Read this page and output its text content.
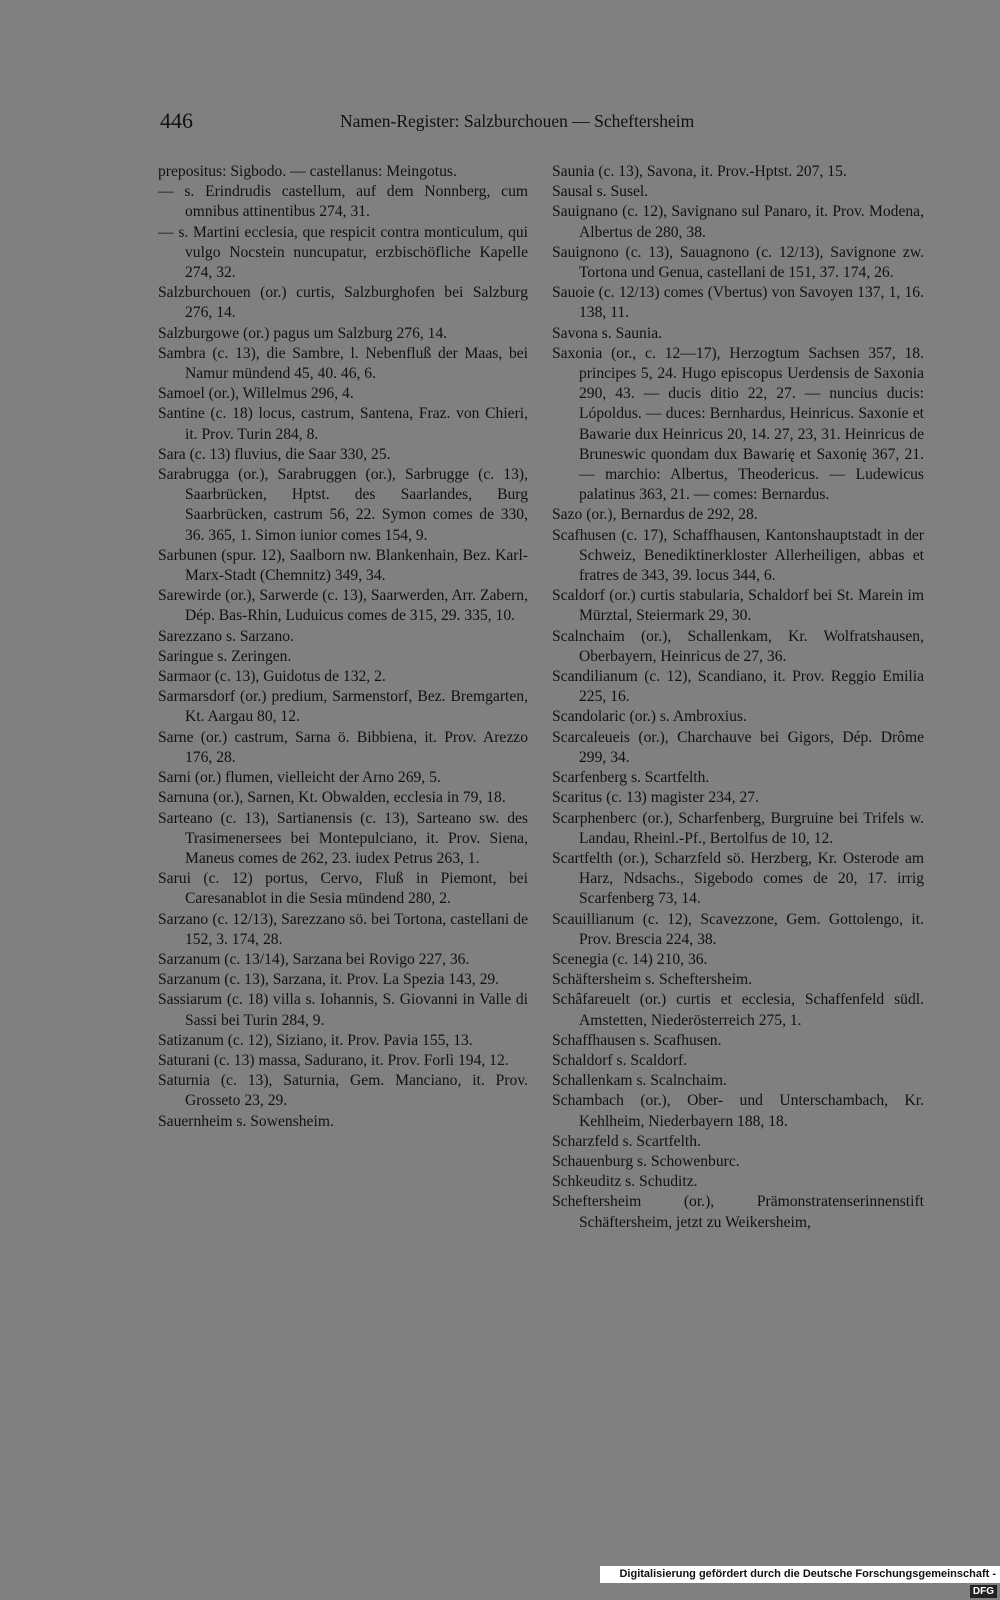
446	Namen-Register: Salzburchouen — Scheftersheim

prepositus: Sigbodo. — castellanus: Meingotus.

— s. Erindrudis castellum, auf dem Nonnberg, cum omnibus attinentibus 274, 31.

— s. Martini ecclesia, que respicit contra monticulum, qui vulgo Nocstein nuncupatur, erzbischöfliche Kapelle 274, 32.

Salzburchouen (or.) curtis, Salzburghofen bei Salzburg 276, 14.

Salzburgowe (or.) pagus um Salzburg 276, 14.

Sambra (c. 13), die Sambre, l. Nebenfluß der Maas, bei Namur mündend 45, 40. 46, 6.

Samoel (or.), Willelmus 296, 4.

Santine (c. 18) locus, castrum, Santena, Fraz. von Chieri, it. Prov. Turin 284, 8.

Sara (c. 13) fluvius, die Saar 330, 25.

Sarabrugga (or.), Sarabruggen (or.), Sarbrugge (c. 13), Saarbrücken, Hptst. des Saarlandes, Burg Saarbrücken, castrum 56, 22. Symon comes de 330, 36. 365, 1. Simon iunior comes 154, 9.

Sarbunen (spur. 12), Saalborn nw. Blankenhain, Bez. Karl-Marx-Stadt (Chemnitz) 349, 34.

Sarewirde (or.), Sarwerde (c. 13), Saarwerden, Arr. Zabern, Dép. Bas-Rhin, Luduicus comes de 315, 29. 335, 10.

Sarezzano s. Sarzano.

Saringue s. Zeringen.

Sarmaor (c. 13), Guidotus de 132, 2.

Sarmarsdorf (or.) predium, Sarmenstorf, Bez. Bremgarten, Kt. Aargau 80, 12.

Sarne (or.) castrum, Sarna ö. Bibbiena, it. Prov. Arezzo 176, 28.

Sarni (or.) flumen, vielleicht der Arno 269, 5.

Sarnuna (or.), Sarnen, Kt. Obwalden, ecclesia in 79, 18.

Sarteano (c. 13), Sartianensis (c. 13), Sarteano sw. des Trasimenersees bei Montepulciano, it. Prov. Siena, Maneus comes de 262, 23. iudex Petrus 263, 1.

Sarui (c. 12) portus, Cervo, Fluß in Piemont, bei Caresanablot in die Sesia mündend 280, 2.

Sarzano (c. 12/13), Sarezzano sö. bei Tortona, castellani de 152, 3. 174, 28.

Sarzanum (c. 13/14), Sarzana bei Rovigo 227, 36.

Sarzanum (c. 13), Sarzana, it. Prov. La Spezia 143, 29.

Sassiarum (c. 18) villa s. Iohannis, S. Giovanni in Valle di Sassi bei Turin 284, 9.

Satizanum (c. 12), Siziano, it. Prov. Pavia 155, 13.

Saturani (c. 13) massa, Sadurano, it. Prov. Forlì 194, 12.

Saturnia (c. 13), Saturnia, Gem. Manciano, it. Prov. Grosseto 23, 29.

Sauernheim s. Sowensheim.

Saunia (c. 13), Savona, it. Prov.-Hptst. 207, 15.

Sausal s. Susel.

Sauignano (c. 12), Savignano sul Panaro, it. Prov. Modena, Albertus de 280, 38.

Sauignono (c. 13), Sauagnono (c. 12/13), Savignone zw. Tortona und Genua, castellani de 151, 37. 174, 26.

Sauoie (c. 12/13) comes (Vbertus) von Savoyen 137, 1, 16. 138, 11.

Savona s. Saunia.

Saxonia (or., c. 12—17), Herzogtum Sachsen 357, 18. principes 5, 24. Hugo episcopus Uerdensis de Saxonia 290, 43. — ducis ditio 22, 27. — nuncius ducis: Lópoldus. — duces: Bernhardus, Heinricus. Saxonie et Bawarie dux Heinricus 20, 14. 27, 23, 31. Heinricus de Bruneswic quondam dux Bawarię et Saxonię 367, 21. — marchio: Albertus, Theodericus. — Ludewicus palatinus 363, 21. — comes: Bernardus.

Sazo (or.), Bernardus de 292, 28.

Scafhusen (c. 17), Schaffhausen, Kantonshauptstadt in der Schweiz, Benediktinerkloster Allerheiligen, abbas et fratres de 343, 39. locus 344, 6.

Scaldorf (or.) curtis stabularia, Schaldorf bei St. Marein im Mürztal, Steiermark 29, 30.

Scalnchaim (or.), Schallenkam, Kr. Wolfratshausen, Oberbayern, Heinricus de 27, 36.

Scandilianum (c. 12), Scandiano, it. Prov. Reggio Emilia 225, 16.

Scandolaric (or.) s. Ambroxius.

Scarcaleueis (or.), Charchauve bei Gigors, Dép. Drôme 299, 34.

Scarfenberg s. Scartfelth.

Scaritus (c. 13) magister 234, 27.

Scarphenberc (or.), Scharfenberg, Burgruine bei Trifels w. Landau, Rheinl.-Pf., Bertolfus de 10, 12.

Scartfelth (or.), Scharzfeld sö. Herzberg, Kr. Osterode am Harz, Ndsachs., Sigebodo comes de 20, 17. irrig Scarfenberg 73, 14.

Scauillianum (c. 12), Scavezzone, Gem. Gottolengo, it. Prov. Brescia 224, 38.

Scenegia (c. 14) 210, 36.

Schäftersheim s. Scheftersheim.

Schâfareuelt (or.) curtis et ecclesia, Schaffenfeld südl. Amstetten, Niederösterreich 275, 1.

Schaffhausen s. Scafhusen.

Schaldorf s. Scaldorf.

Schallenkam s. Scalnchaim.

Schambach (or.), Ober- und Unterschambach, Kr. Kehlheim, Niederbayern 188, 18.

Scharzfeld s. Scartfelth.

Schauenburg s. Schowenburc.

Schkeuditz s. Schuditz.

Scheftersheim (or.), Prämonstratenserinnenstift Schäftersheim, jetzt zu Weikersheim,

Digitalisierung gefördert durch die Deutsche Forschungsgemeinschaft -DFG
